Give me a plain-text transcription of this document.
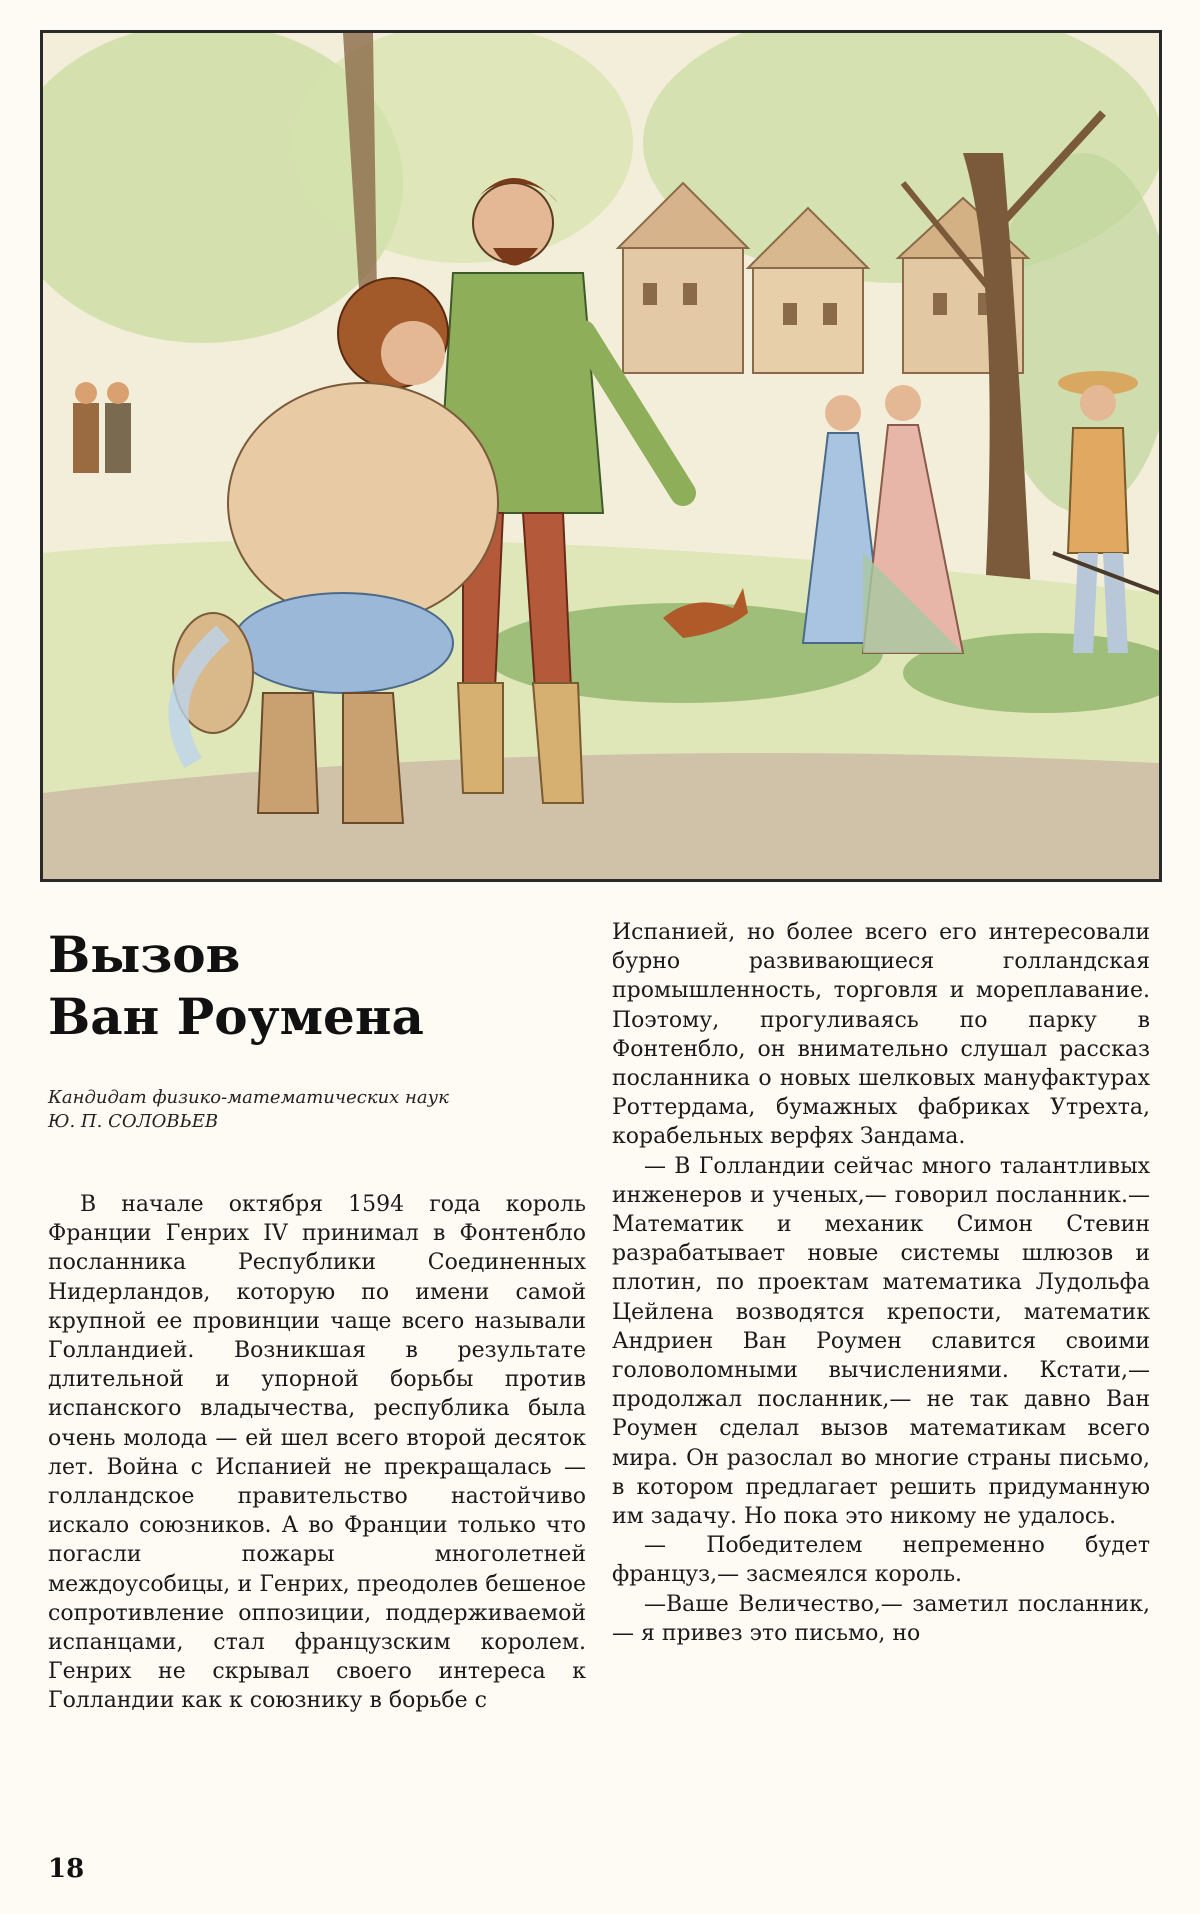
Вызов
Ван Роумена
Кандидат физико-математических наук
Ю. П. СОЛОВЬЕВ

В начале октября 1594 года король Франции Генрих IV принимал в Фонтенбло посланника Республики Соединенных Нидерландов, которую по имени самой крупной ее провинции чаще всего называли Голландией. Возникшая в результате длительной и упорной борьбы против испанского владычества, республика была очень молода — ей шел всего второй десяток лет. Война с Испанией не прекращалась — голландское правительство настойчиво искало союзников. А во Франции только что погасли пожары многолетней междоусобицы, и Генрих, преодолев бешеное сопротивление оппозиции, поддерживаемой испанцами, стал французским королем. Генрих не скрывал своего интереса к Голландии как к союзнику в борьбе с

Испанией, но более всего его интересовали бурно развивающиеся голландская промышленность, торговля и мореплавание. Поэтому, прогуливаясь по парку в Фонтенбло, он внимательно слушал рассказ посланника о новых шелковых мануфактурах Роттердама, бумажных фабриках Утрехта, корабельных верфях Зандама.

— В Голландии сейчас много талантливых инженеров и ученых,— говорил посланник.— Математик и механик Симон Стевин разрабатывает новые системы шлюзов и плотин, по проектам математика Лудольфа Цейлена возводятся крепости, математик Андриен Ван Роумен славится своими головоломными вычислениями. Кстати,— продолжал посланник,— не так давно Ван Роумен сделал вызов математикам всего мира. Он разослал во многие страны письмо, в котором предлагает решить придуманную им задачу. Но пока это никому не удалось.

— Победителем непременно будет француз,— засмеялся король.

—Ваше Величество,— заметил посланник,— я привез это письмо, но

18
